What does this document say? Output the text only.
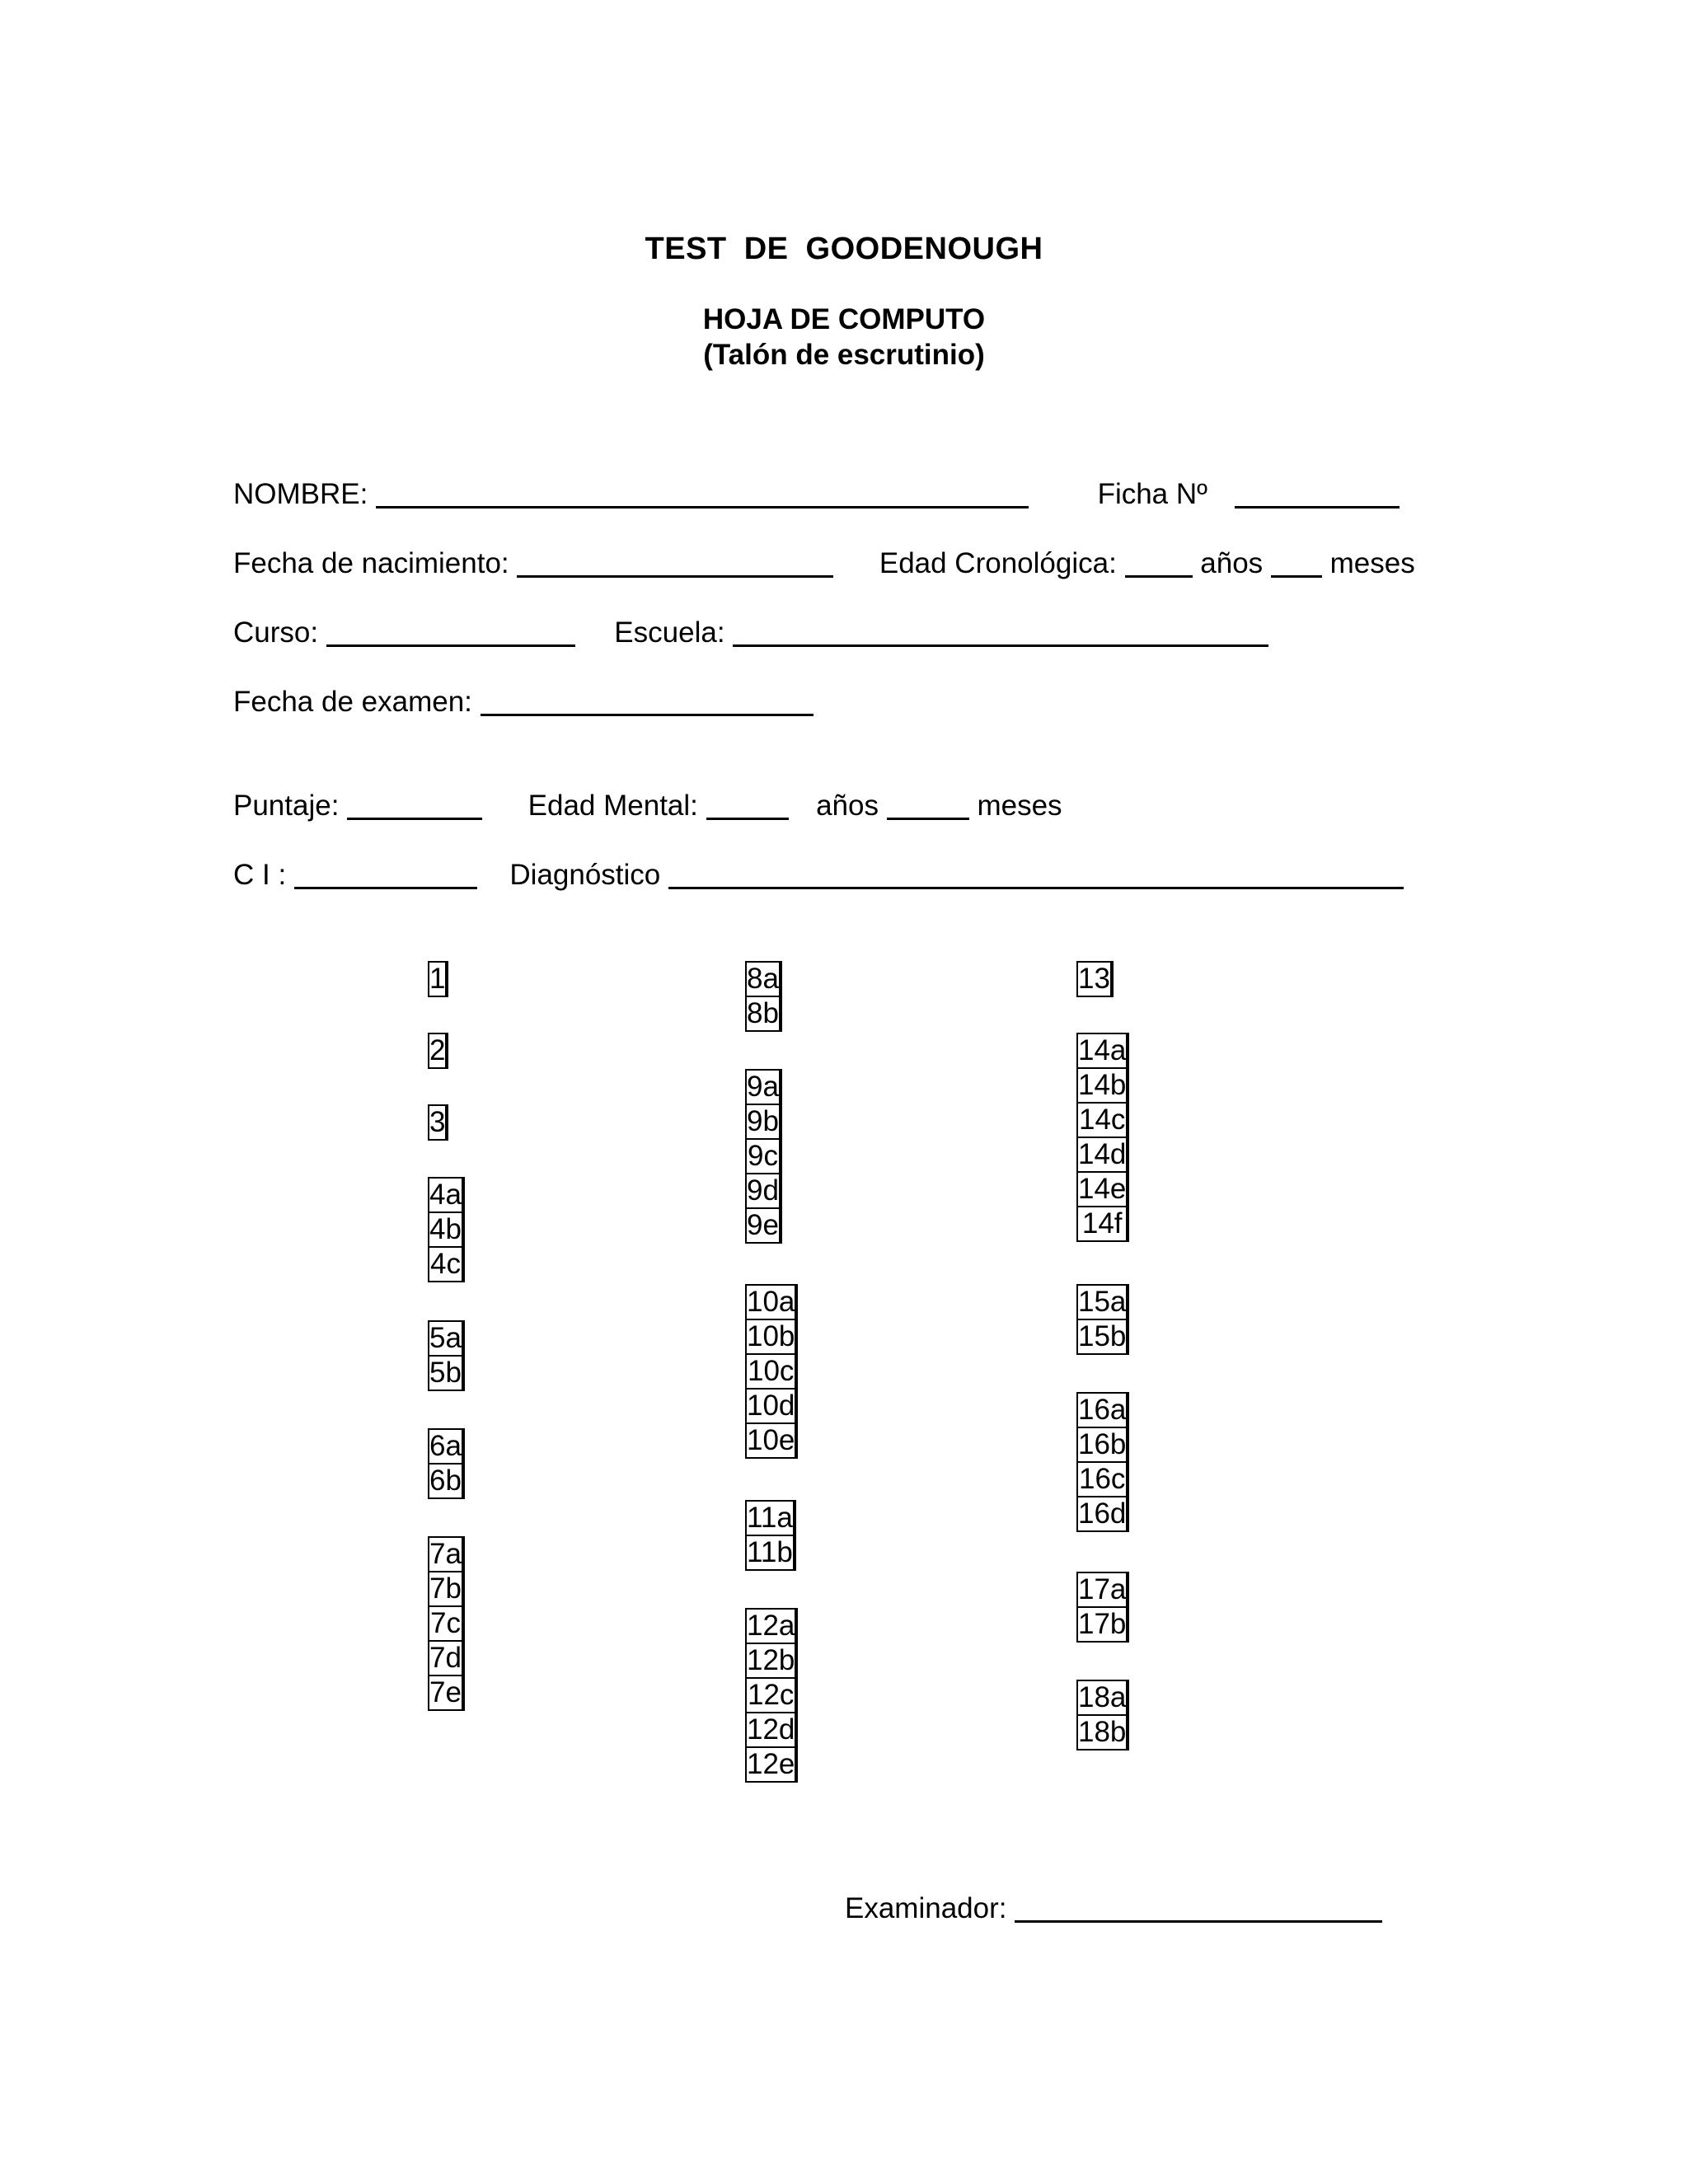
TEST DE GOODENOUGH
HOJA DE COMPUTO
(Talón de escrutinio)
NOMBRE:	Ficha Nº
Fecha de nacimiento:	Edad Cronológica:	años meses
Curso:	Escuela:
Fecha de examen:
Puntaje:	Edad Mental:	años	meses
C I :	Diagnóstico
1	
2	
3	
4a	
4b	
4c	
5a	
5b	
6a	
6b	
7a	
7b	
7c	
7d	
7e	
8a	
8b	
9a	
9b	
9c	
9d	
9e	
10a	
10b	
10c	
10d	
10e	
11a	
11b	
12a	
12b	
12c	
12d	
12e	
13	
14a	
14b	
14c	
14d	
14e	
14f	
15a	
15b	
16a	
16b	
16c	
16d	
17a	
17b	
18a	
18b	
Examinador:
